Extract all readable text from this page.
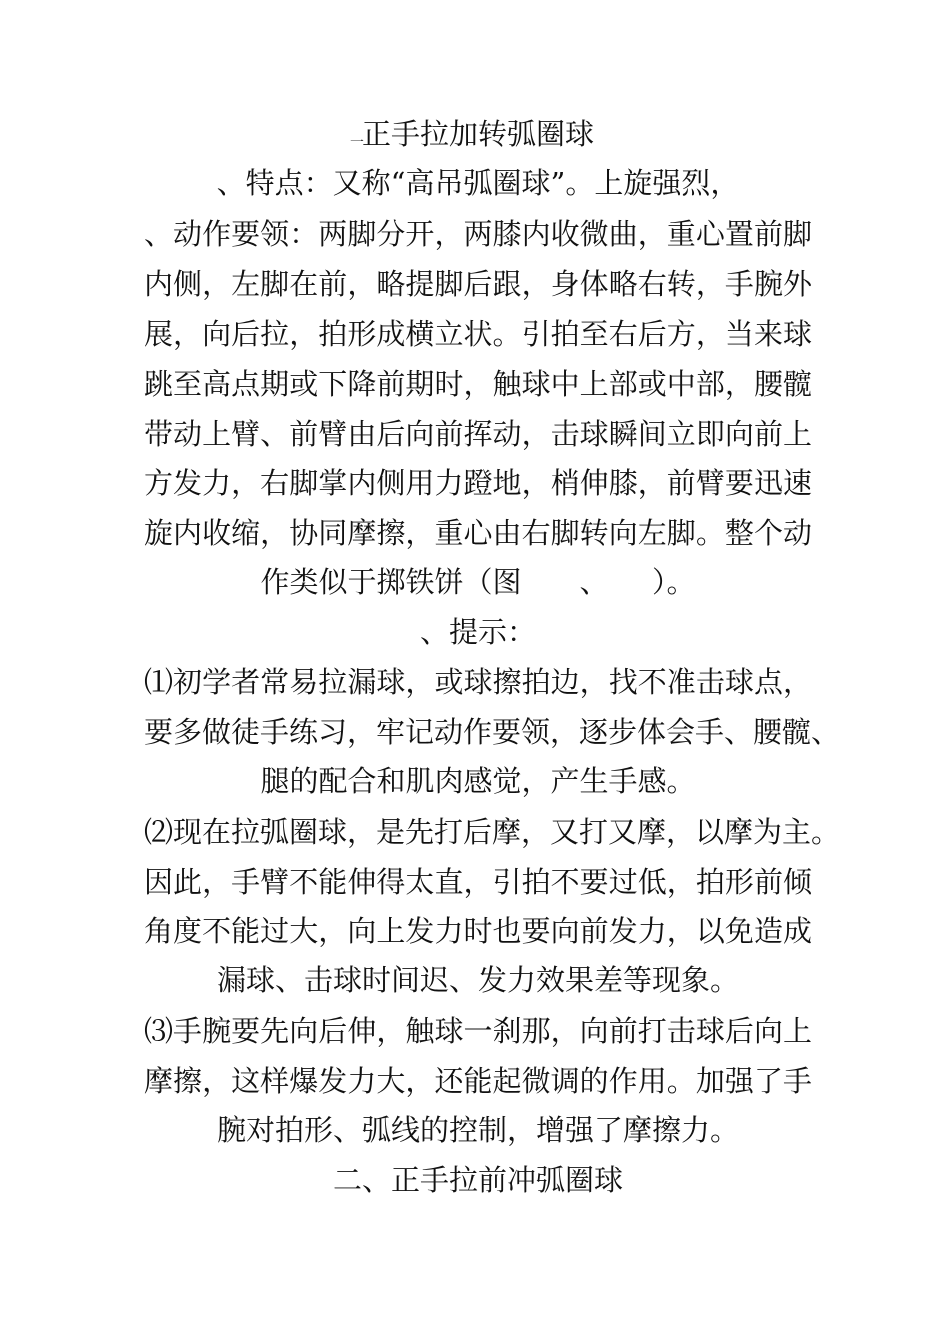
一
正手拉加转弧圈球
、特点：又称“高吊弧圈球”。上旋强烈，
、动作要领：两脚分开，两膝内收微曲，重心置前脚
内侧，左脚在前，略提脚后跟，身体略右转，手腕外
展，向后拉，拍形成横立状。引拍至右后方，当来球
跳至高点期或下降前期时，触球中上部或中部，腰髋
带动上臂、前臂由后向前挥动，击球瞬间立即向前上
方发力，右脚掌内侧用力蹬地，梢伸膝，前臂要迅速
旋内收缩，协同摩擦，重心由右脚转向左脚。整个动
作类似于掷铁饼（图　　、　　）。
、提示：
⑴初学者常易拉漏球，或球擦拍边，找不准击球点，
要多做徒手练习，牢记动作要领，逐步体会手、腰髋、
腿的配合和肌肉感觉，产生手感。
⑵现在拉弧圈球，是先打后摩，又打又摩，以摩为主。
因此，手臂不能伸得太直，引拍不要过低，拍形前倾
角度不能过大，向上发力时也要向前发力，以免造成
漏球、击球时间迟、发力效果差等现象。
⑶手腕要先向后伸，触球一刹那，向前打击球后向上
摩擦，这样爆发力大，还能起微调的作用。加强了手
腕对拍形、弧线的控制，增强了摩擦力。
二、正手拉前冲弧圈球
